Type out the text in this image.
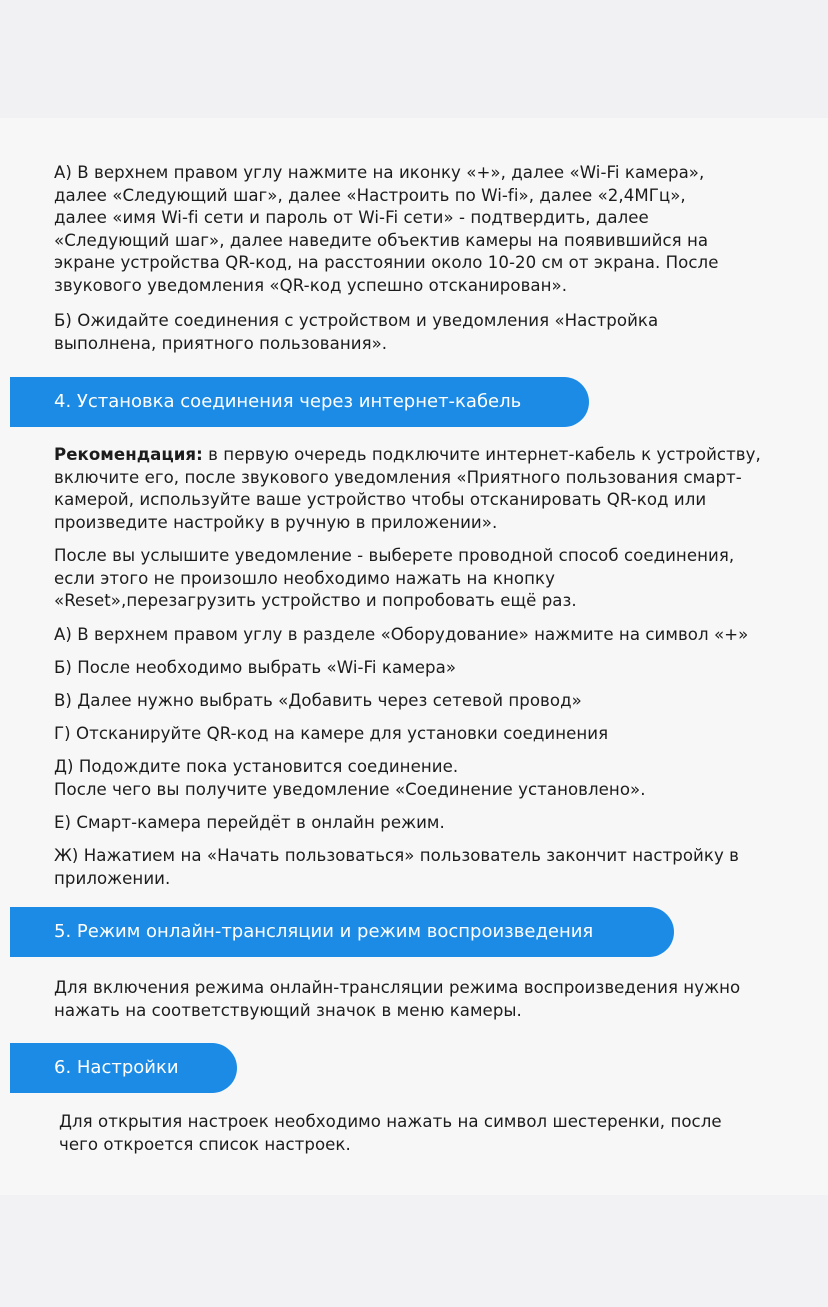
А) В верхнем правом углу нажмите на иконку «+», далее «Wi-Fi камера»,
далее «Следующий шаг», далее «Настроить по Wi-fi», далее «2,4МГц»,
далее «имя Wi-fi сети и пароль от Wi-Fi сети» - подтвердить, далее
«Следующий шаг», далее наведите объектив камеры на появившийся на
экране устройства QR-код, на расстоянии около 10-20 см от экрана. После
звукового уведомления «QR-код успешно отсканирован».

Б) Ожидайте соединения с устройством и уведомления «Настройка
выполнена, приятного пользования».

4. Установка соединения через интернет-кабель

Рекомендация: в первую очередь подключите интернет-кабель к устройству,
включите его, после звукового уведомления «Приятного пользования смарт-
камерой, используйте ваше устройство чтобы отсканировать QR-код или
произведите настройку в ручную в приложении».

После вы услышите уведомление - выберете проводной способ соединения,
если этого не произошло необходимо нажать на кнопку
«Reset»,перезагрузить устройство и попробовать ещё раз.

А) В верхнем правом углу в разделе «Оборудование» нажмите на символ «+»

Б) После необходимо выбрать «Wi-Fi камера»

В) Далее нужно выбрать «Добавить через сетевой провод»

Г) Отсканируйте QR-код на камере для установки соединения

Д) Подождите пока установится соединение.
После чего вы получите уведомление «Соединение установлено».

Е) Смарт-камера перейдёт в онлайн режим.

Ж) Нажатием на «Начать пользоваться» пользователь закончит настройку в
приложении.

5. Режим онлайн-трансляции и режим воспроизведения

Для включения режима онлайн-трансляции режима воспроизведения нужно
нажать на соответствующий значок в меню камеры.

6. Настройки

Для открытия настроек необходимо нажать на символ шестеренки, после
чего откроется список настроек.
